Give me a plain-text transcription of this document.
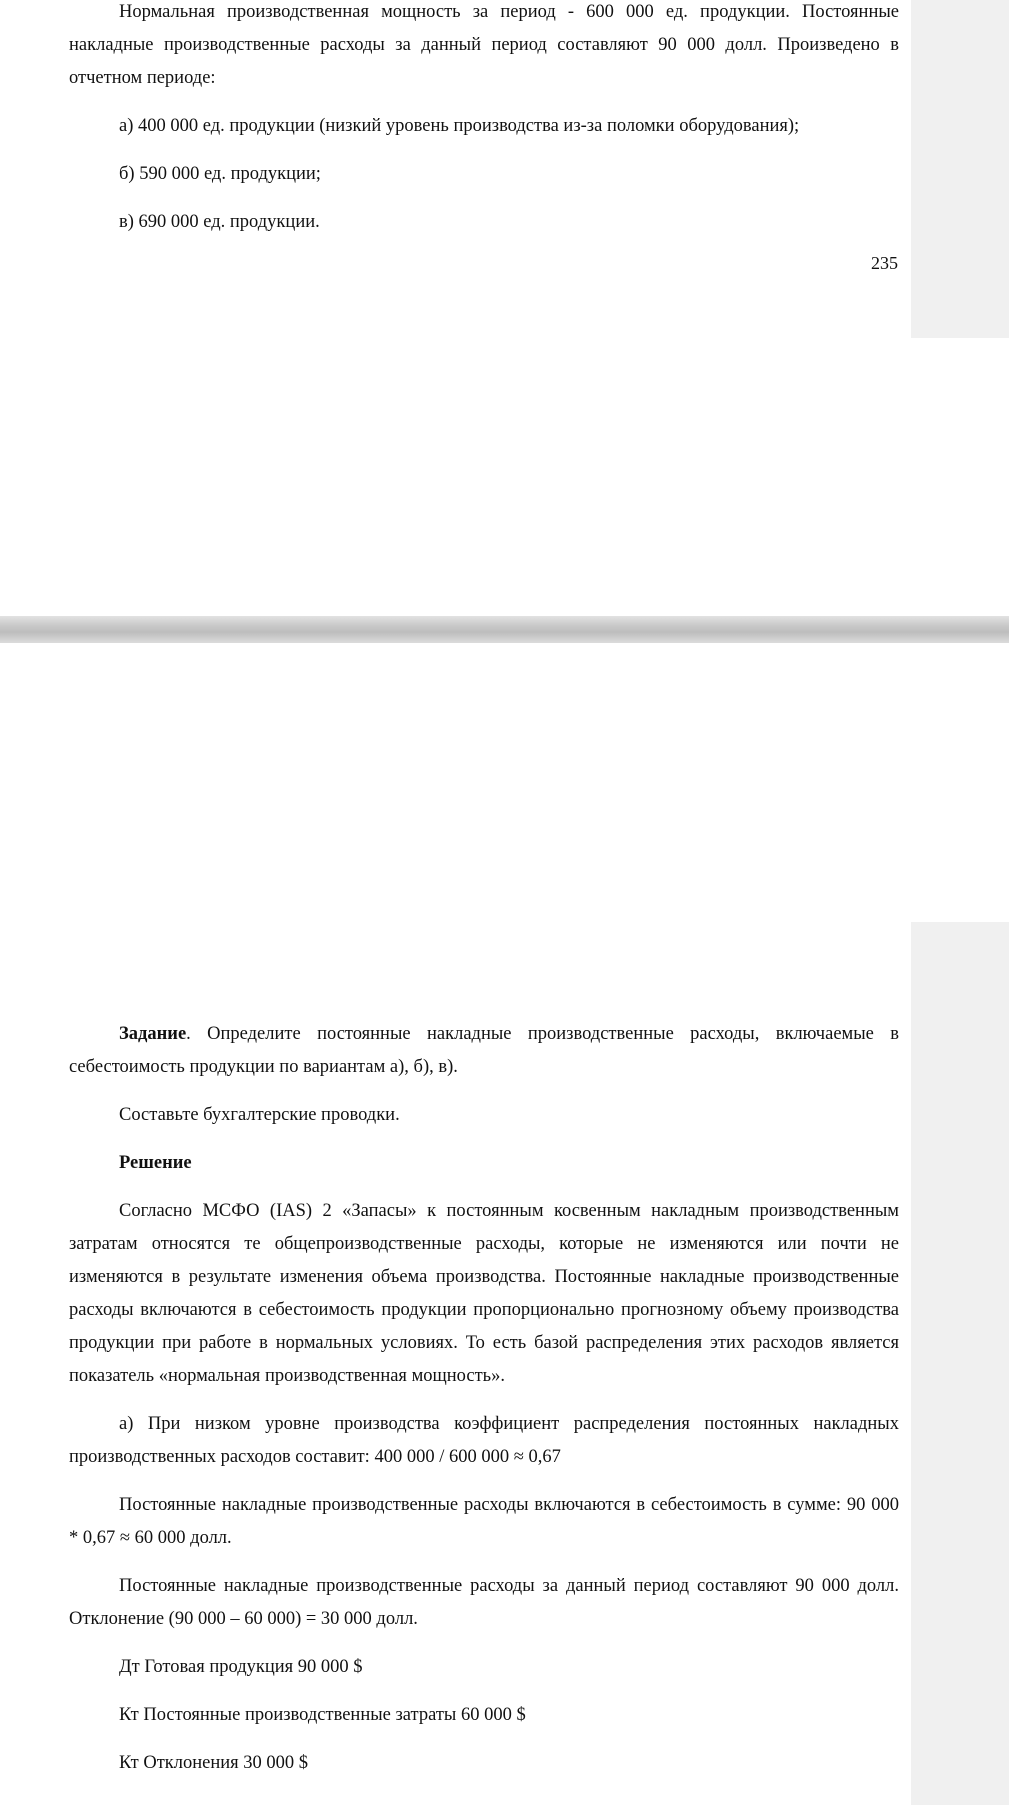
Нормальная производственная мощность за период - 600 000 ед. продукции. Постоянные накладные производственные расходы за данный период составляют 90 000 долл. Произведено в отчетном периоде:

а) 400 000 ед. продукции (низкий уровень производства из-за поломки оборудования);

б) 590 000 ед. продукции;

в) 690 000 ед. продукции.

235

Задание. Определите постоянные накладные производственные расходы, включаемые в себестоимость продукции по вариантам а), б), в).

Составьте бухгалтерские проводки.

Решение

Согласно МСФО (IAS) 2 «Запасы» к постоянным косвенным накладным производственным затратам относятся те общепроизводственные расходы, которые не изменяются или почти не изменяются в результате изменения объема производства. Постоянные накладные производственные расходы включаются в себестоимость продукции пропорционально прогнозному объему производства продукции при работе в нормальных условиях. То есть базой распределения этих расходов является показатель «нормальная производственная мощность».

а) При низком уровне производства коэффициент распределения постоянных накладных производственных расходов составит: 400 000 / 600 000 ≈ 0,67

Постоянные накладные производственные расходы включаются в себестоимость в сумме: 90 000 * 0,67 ≈ 60 000 долл.

Постоянные накладные производственные расходы за данный период составляют 90 000 долл. Отклонение (90 000 – 60 000) = 30 000 долл.

Дт Готовая продукция 90 000 $

Кт Постоянные производственные затраты 60 000 $

Кт Отклонения 30 000 $
